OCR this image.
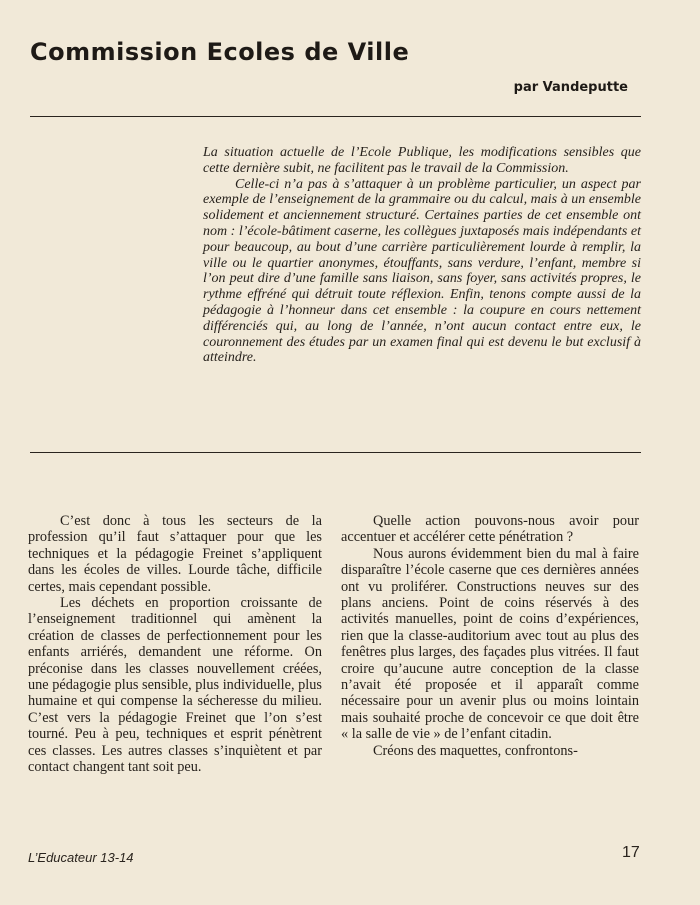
Commission Ecoles de Ville
par Vandeputte

La situation actuelle de l’Ecole Publique, les modifications sensibles que cette dernière subit, ne facilitent pas le travail de la Commission.

Celle-ci n’a pas à s’attaquer à un problème particulier, un aspect par exemple de l’enseignement de la grammaire ou du calcul, mais à un ensemble solidement et anciennement structuré. Certaines parties de cet ensemble ont nom : l’école-bâtiment caserne, les collègues juxtaposés mais indépendants et pour beaucoup, au bout d’une carrière particulièrement lourde à remplir, la ville ou le quartier anonymes, étouffants, sans verdure, l’enfant, membre si l’on peut dire d’une famille sans liaison, sans foyer, sans activités propres, le rythme effréné qui détruit toute réflexion. Enfin, tenons compte aussi de la pédagogie à l’honneur dans cet ensemble : la coupure en cours nettement différenciés qui, au long de l’année, n’ont aucun contact entre eux, le couronnement des études par un examen final qui est devenu le but exclusif à atteindre.

C’est donc à tous les secteurs de la profession qu’il faut s’attaquer pour que les techniques et la pédagogie Freinet s’appliquent dans les écoles de villes. Lourde tâche, difficile certes, mais cependant possible.

Les déchets en proportion croissante de l’enseignement traditionnel qui amènent la création de classes de perfectionnement pour les enfants arriérés, demandent une réforme. On préconise dans les classes nouvellement créées, une pédagogie plus sensible, plus individuelle, plus humaine et qui compense la sécheresse du milieu. C’est vers la pédagogie Freinet que l’on s’est tourné. Peu à peu, techniques et esprit pénètrent ces classes. Les autres classes s’inquiètent et par contact changent tant soit peu.

Quelle action pouvons-nous avoir pour accentuer et accélérer cette pénétration ?

Nous aurons évidemment bien du mal à faire disparaître l’école caserne que ces dernières années ont vu proliférer. Constructions neuves sur des plans anciens. Point de coins réservés à des activités manuelles, point de coins d’expériences, rien que la classe-auditorium avec tout au plus des fenêtres plus larges, des façades plus vitrées. Il faut croire qu’aucune autre conception de la classe n’avait été proposée et il apparaît comme nécessaire pour un avenir plus ou moins lointain mais souhaité proche de concevoir ce que doit être « la salle de vie » de l’enfant citadin.

Créons des maquettes, confrontons-

L’Educateur 13-14	17
